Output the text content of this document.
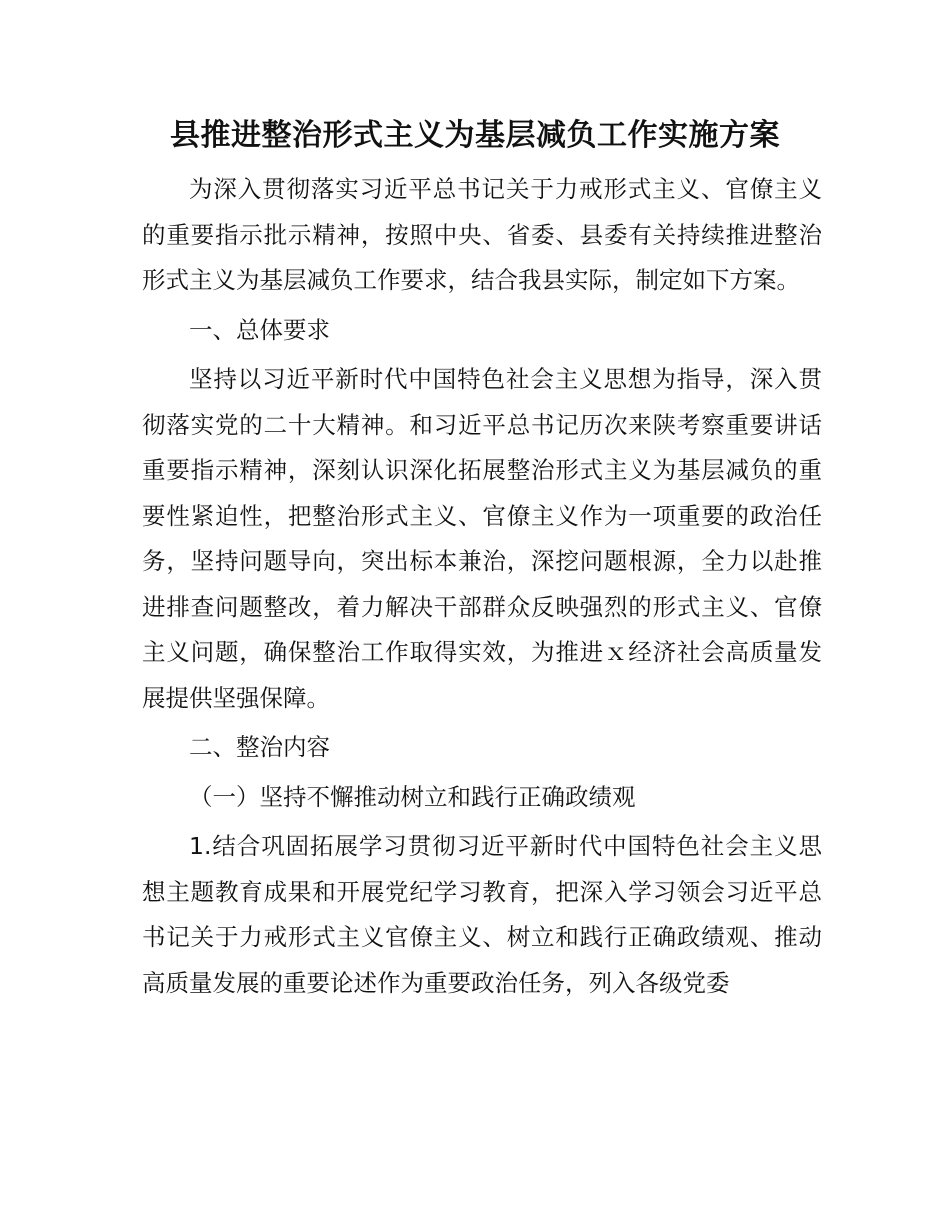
县推进整治形式主义为基层减负工作实施方案

为深入贯彻落实习近平总书记关于力戒形式主义、官僚主义的重要指示批示精神，按照中央、省委、县委有关持续推进整治形式主义为基层减负工作要求，结合我县实际，制定如下方案。

一、总体要求

坚持以习近平新时代中国特色社会主义思想为指导，深入贯彻落实党的二十大精神。和习近平总书记历次来陕考察重要讲话重要指示精神，深刻认识深化拓展整治形式主义为基层减负的重要性紧迫性，把整治形式主义、官僚主义作为一项重要的政治任务，坚持问题导向，突出标本兼治，深挖问题根源，全力以赴推进排查问题整改，着力解决干部群众反映强烈的形式主义、官僚主义问题，确保整治工作取得实效，为推进ｘ经济社会高质量发展提供坚强保障。

二、整治内容

（一）坚持不懈推动树立和践行正确政绩观

1.结合巩固拓展学习贯彻习近平新时代中国特色社会主义思想主题教育成果和开展党纪学习教育，把深入学习领会习近平总书记关于力戒形式主义官僚主义、树立和践行正确政绩观、推动高质量发展的重要论述作为重要政治任务，列入各级党委
